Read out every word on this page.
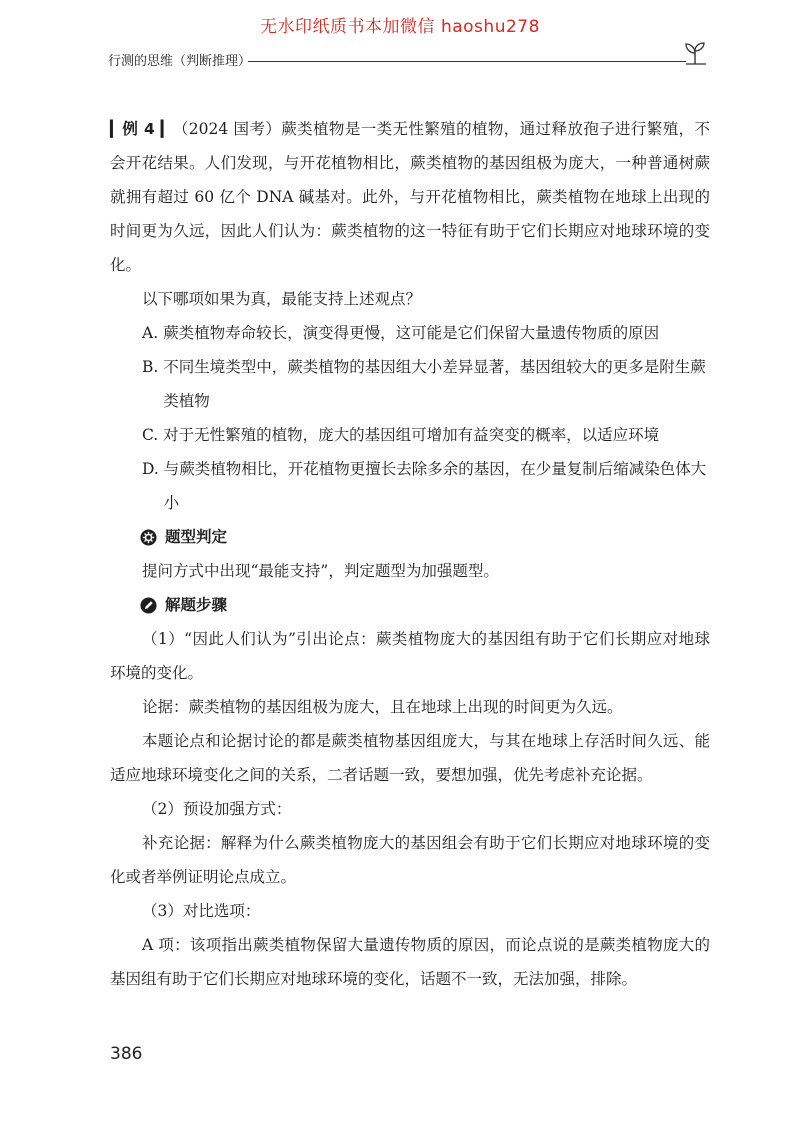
无水印纸质书本加微信 haoshu278
行测的思维（判断推理）

▎例 4 ▎（2024 国考）蕨类植物是一类无性繁殖的植物，通过释放孢子进行繁殖，不会开花结果。人们发现，与开花植物相比，蕨类植物的基因组极为庞大，一种普通树蕨就拥有超过 60 亿个 DNA 碱基对。此外，与开花植物相比，蕨类植物在地球上出现的时间更为久远，因此人们认为：蕨类植物的这一特征有助于它们长期应对地球环境的变化。

以下哪项如果为真，最能支持上述观点？

A. 蕨类植物寿命较长，演变得更慢，这可能是它们保留大量遗传物质的原因
B. 不同生境类型中，蕨类植物的基因组大小差异显著，基因组较大的更多是附生蕨类植物
C. 对于无性繁殖的植物，庞大的基因组可增加有益突变的概率，以适应环境
D. 与蕨类植物相比，开花植物更擅长去除多余的基因，在少量复制后缩减染色体大小
题型判定

提问方式中出现“最能支持”，判定题型为加强题型。

解题步骤

（1）“因此人们认为”引出论点：蕨类植物庞大的基因组有助于它们长期应对地球环境的变化。

论据：蕨类植物的基因组极为庞大，且在地球上出现的时间更为久远。

本题论点和论据讨论的都是蕨类植物基因组庞大，与其在地球上存活时间久远、能适应地球环境变化之间的关系，二者话题一致，要想加强，优先考虑补充论据。

（2）预设加强方式：

补充论据：解释为什么蕨类植物庞大的基因组会有助于它们长期应对地球环境的变化或者举例证明论点成立。

（3）对比选项：

A 项：该项指出蕨类植物保留大量遗传物质的原因，而论点说的是蕨类植物庞大的基因组有助于它们长期应对地球环境的变化，话题不一致，无法加强，排除。

386
